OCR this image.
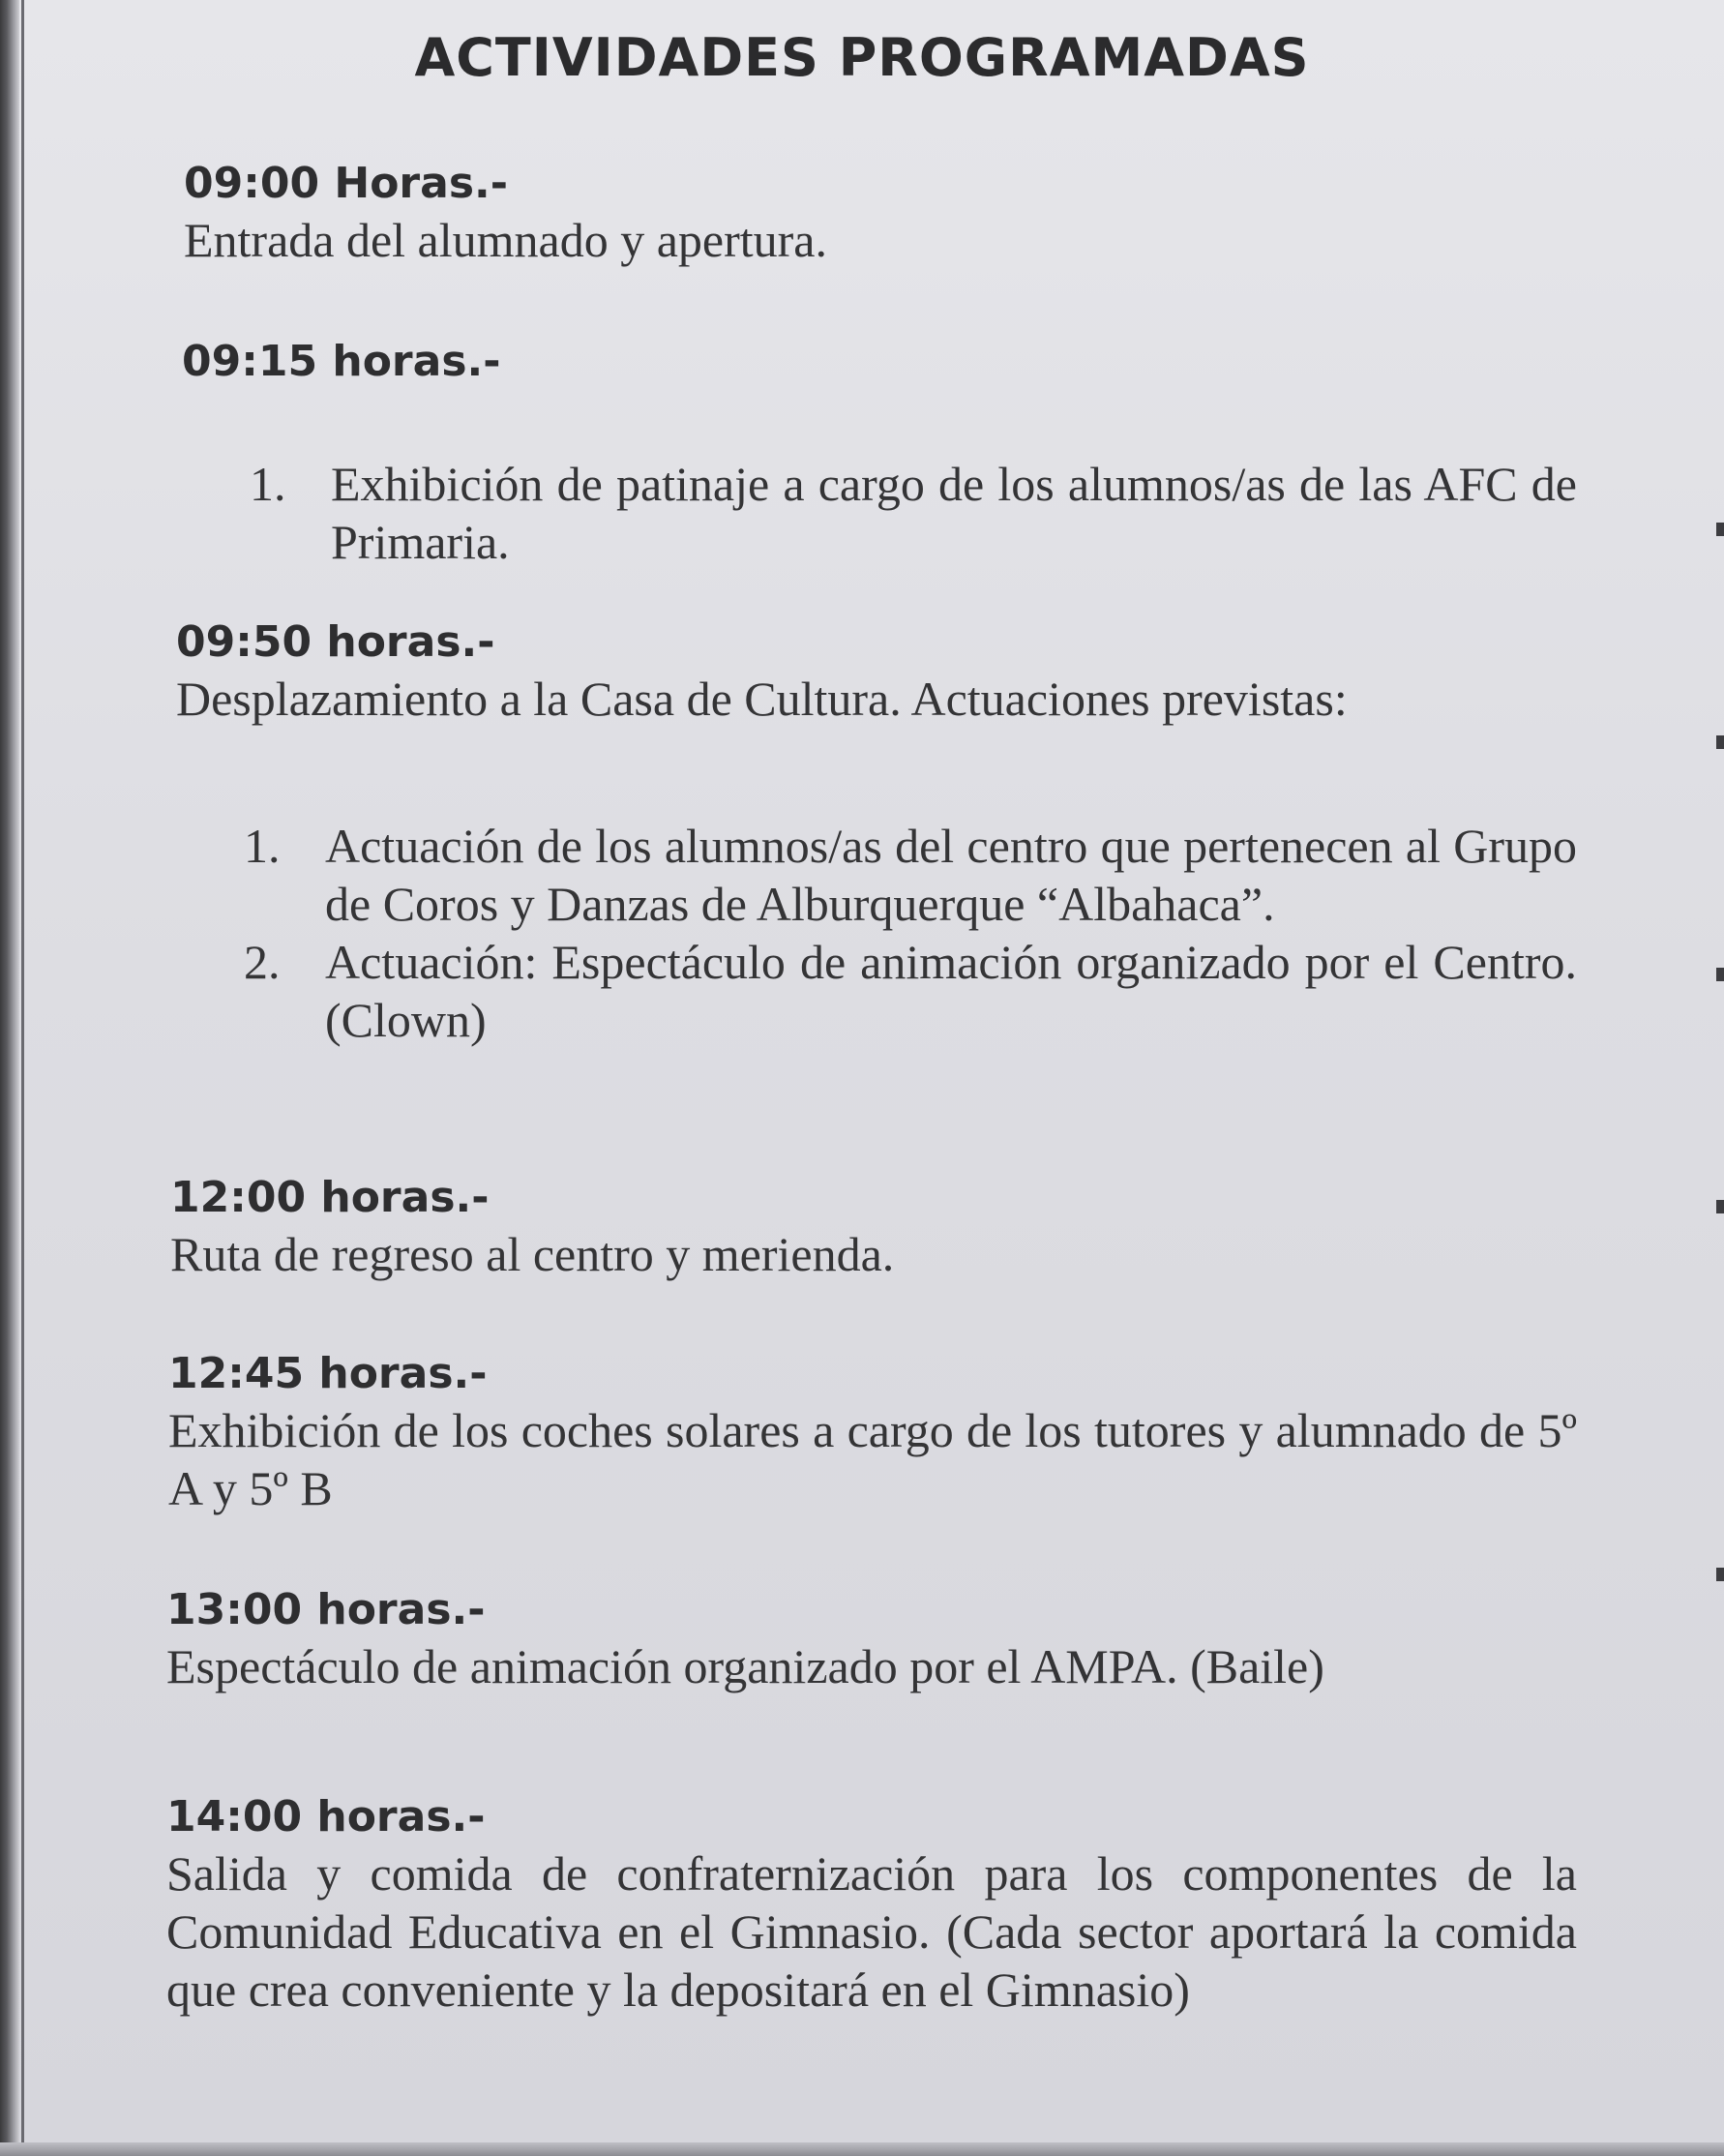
ACTIVIDADES PROGRAMADAS
09:00 Horas.-

Entrada del alumnado y apertura.

09:15 horas.-
1. Exhibición de patinaje a cargo de los alumnos/as de las AFC de Primaria.
09:50 horas.-

Desplazamiento a la Casa de Cultura. Actuaciones previstas:

1. Actuación de los alumnos/as del centro que pertenecen al Grupo de Coros y Danzas de Alburquerque “Albahaca”.
2. Actuación: Espectáculo de animación organizado por el Centro. (Clown)
12:00 horas.-

Ruta de regreso al centro y merienda.

12:45 horas.-

Exhibición de los coches solares a cargo de los tutores y alumnado de 5º A y 5º B

13:00 horas.-

Espectáculo de animación organizado por el AMPA. (Baile)

14:00 horas.-

Salida y comida de confraternización para los componentes de la Comunidad Educativa en el Gimnasio. (Cada sector aportará la comida que crea conveniente y la depositará en el Gimnasio)
